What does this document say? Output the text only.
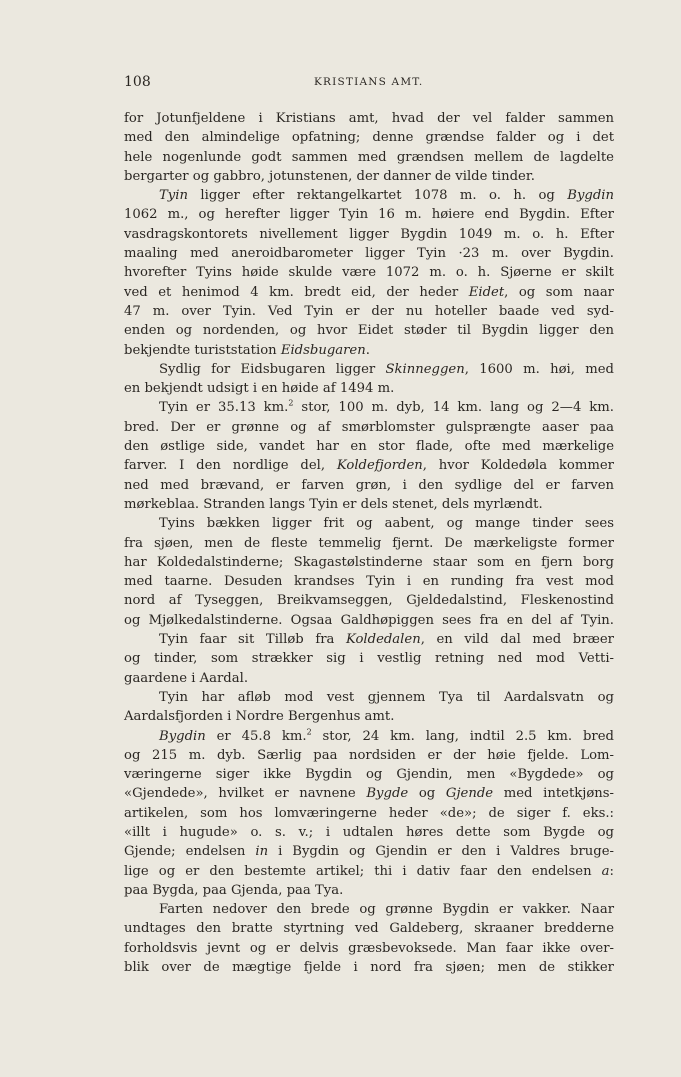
108	KRISTIANS AMT.
for Jotunfjeldene i Kristians amt, hvad der vel falder sammen
med den almindelige opfatning; denne grændse falder og i det
hele nogenlunde godt sammen med grændsen mellem de lagdelte
bergarter og gabbro, jotunstenen, der danner de vilde tinder.
Tyin ligger efter rektangelkartet 1078 m. o. h. og Bygdin
1062 m., og herefter ligger Tyin 16 m. høiere end Bygdin. Efter
vasdragskontorets nivellement ligger Bygdin 1049 m. o. h. Efter
maaling med aneroidbarometer ligger Tyin ·23 m. over Bygdin.
hvorefter Tyins høide skulde være 1072 m. o. h. Sjøerne er skilt
ved et henimod 4 km. bredt eid, der heder Eidet, og som naar
47 m. over Tyin. Ved Tyin er der nu hoteller baade ved syd-
enden og nordenden, og hvor Eidet støder til Bygdin ligger den
bekjendte turiststation Eidsbugaren.
Sydlig for Eidsbugaren ligger Skinneggen, 1600 m. høi, med
en bekjendt udsigt i en høide af 1494 m.
Tyin er 35.13 km.$^2$ stor, 100 m. dyb, 14 km. lang og 2—4 km.
bred. Der er grønne og af smørblomster gulsprængte aaser paa
den østlige side, vandet har en stor flade, ofte med mærkelige
farver. I den nordlige del, Koldefjorden, hvor Koldedøla kommer
ned med brævand, er farven grøn, i den sydlige del er farven
mørkeblaa. Stranden langs Tyin er dels stenet, dels myrlændt.
Tyins bækken ligger frit og aabent, og mange tinder sees
fra sjøen, men de fleste temmelig fjernt. De mærkeligste former
har Koldedalstinderne; Skagastølstinderne staar som en fjern borg
med taarne. Desuden krandses Tyin i en runding fra vest mod
nord af Tyseggen, Breikvamseggen, Gjeldedalstind, Fleskenostind
og Mjølkedalstinderne. Ogsaa Galdhøpiggen sees fra en del af Tyin.
Tyin faar sit Tilløb fra Koldedalen, en vild dal med bræer
og tinder, som strækker sig i vestlig retning ned mod Vetti-
gaardene i Aardal.
Tyin har afløb mod vest gjennem Tya til Aardalsvatn og
Aardalsfjorden i Nordre Bergenhus amt.
Bygdin er 45.8 km.$^2$ stor, 24 km. lang, indtil 2.5 km. bred
og 215 m. dyb. Særlig paa nordsiden er der høie fjelde. Lom-
væringerne siger ikke Bygdin og Gjendin, men «Bygdede» og
«Gjendede», hvilket er navnene Bygde og Gjende med intetkjøns-
artikelen, som hos lomværingerne heder «de»; de siger f. eks.:
«illt i hugude» o. s. v.; i udtalen høres dette som Bygde og
Gjende; endelsen in i Bygdin og Gjendin er den i Valdres bruge-
lige og er den bestemte artikel; thi i dativ faar den endelsen a:
paa Bygda, paa Gjenda, paa Tya.
Farten nedover den brede og grønne Bygdin er vakker. Naar
undtages den bratte styrtning ved Galdeberg, skraaner bredderne
forholdsvis jevnt og er delvis græsbevoksede. Man faar ikke over-
blik over de mægtige fjelde i nord fra sjøen; men de stikker
